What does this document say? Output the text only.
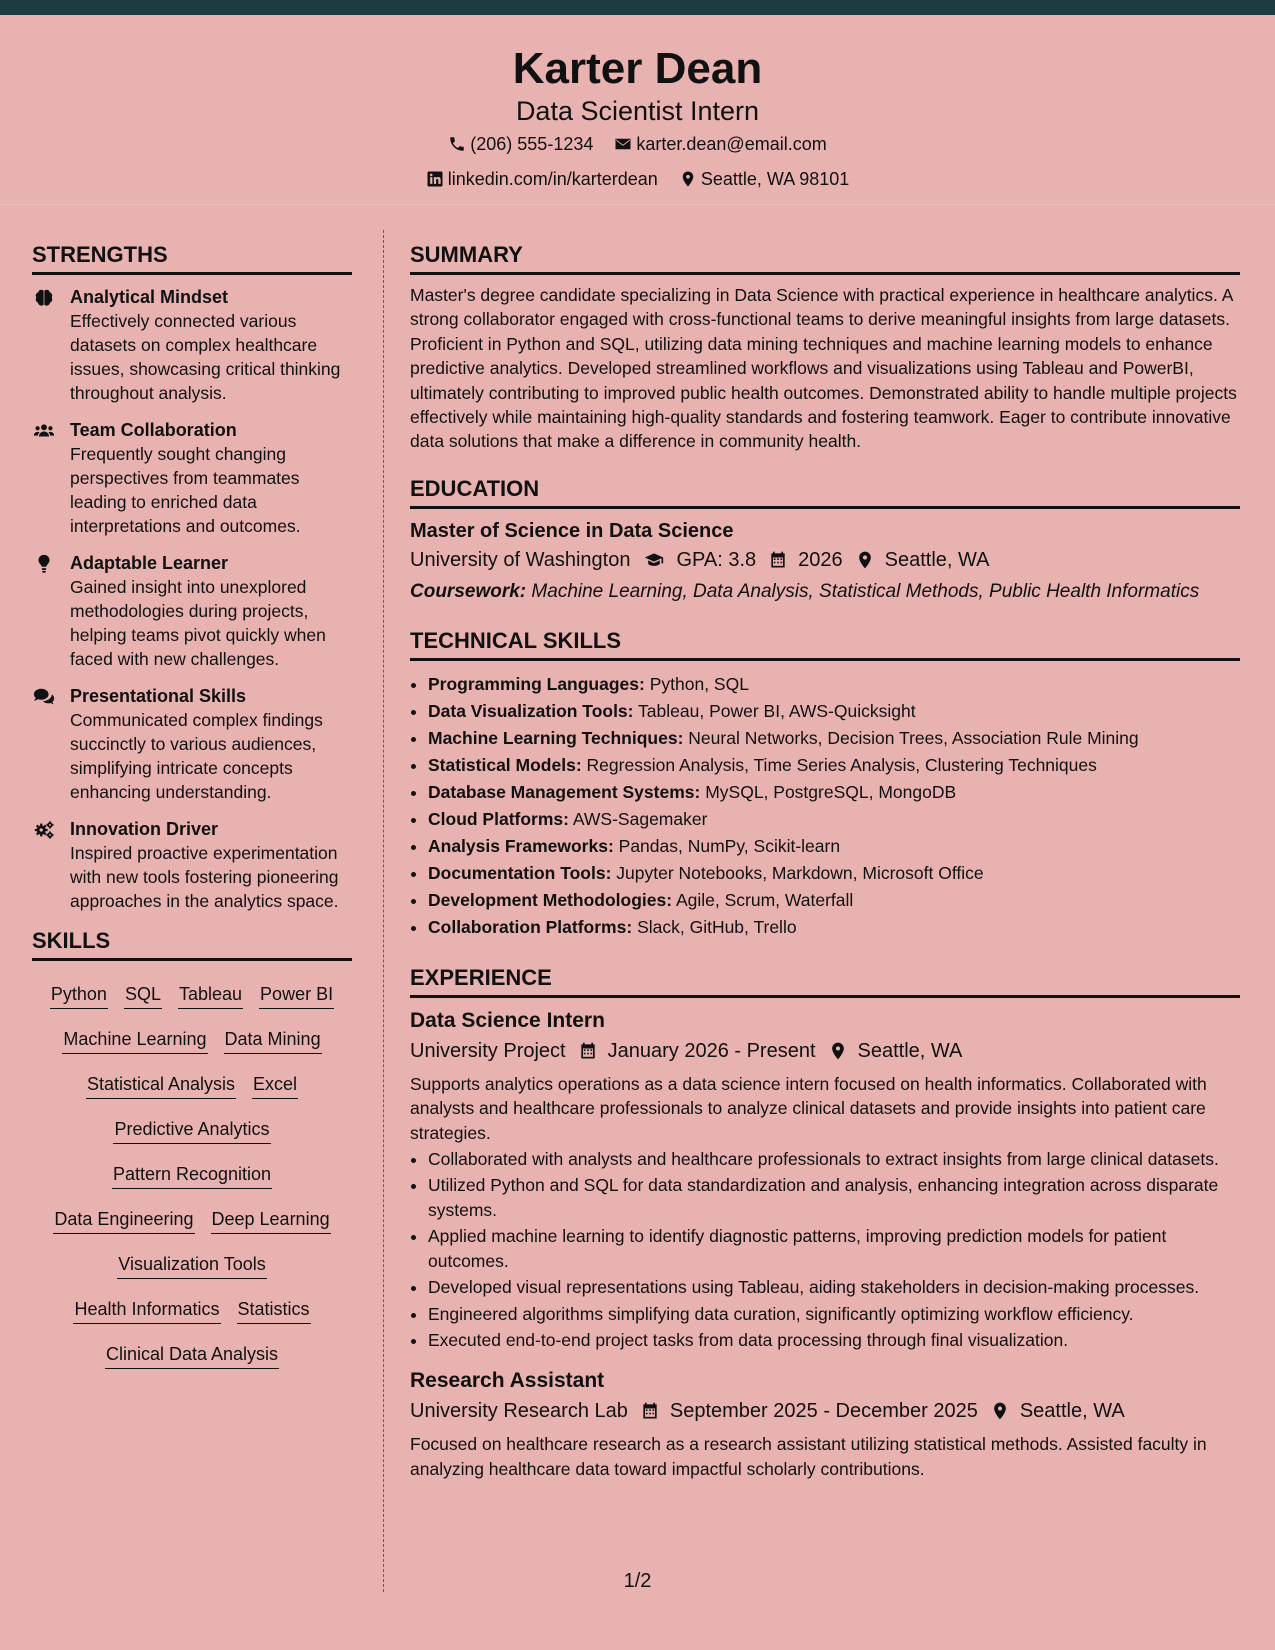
Karter Dean
Data Scientist Intern
(206) 555-1234
karter.dean@email.com
linkedin.com/in/karterdean
Seattle, WA 98101
STRENGTHS
Analytical Mindset
Effectively connected various datasets on complex healthcare issues, showcasing critical thinking throughout analysis.
Team Collaboration
Frequently sought changing perspectives from teammates leading to enriched data interpretations and outcomes.
Adaptable Learner
Gained insight into unexplored methodologies during projects, helping teams pivot quickly when faced with new challenges.
Presentational Skills
Communicated complex findings succinctly to various audiences, simplifying intricate concepts enhancing understanding.
Innovation Driver
Inspired proactive experimentation with new tools fostering pioneering approaches in the analytics space.
SKILLS
Python SQL Tableau Power BI
Machine Learning Data Mining
Statistical Analysis Excel
Predictive Analytics
Pattern Recognition
Data Engineering Deep Learning
Visualization Tools
Health Informatics Statistics
Clinical Data Analysis
SUMMARY

Master's degree candidate specializing in Data Science with practical experience in healthcare analytics. A strong collaborator engaged with cross-functional teams to derive meaningful insights from large datasets. Proficient in Python and SQL, utilizing data mining techniques and machine learning models to enhance predictive analytics. Developed streamlined workflows and visualizations using Tableau and PowerBI, ultimately contributing to improved public health outcomes. Demonstrated ability to handle multiple projects effectively while maintaining high-quality standards and fostering teamwork. Eager to contribute innovative data solutions that make a difference in community health.

EDUCATION
Master of Science in Data Science
University of Washington GPA: 3.8 2026 Seattle, WA
Coursework: Machine Learning, Data Analysis, Statistical Methods, Public Health Informatics
TECHNICAL SKILLS
• Programming Languages: Python, SQL
• Data Visualization Tools: Tableau, Power BI, AWS-Quicksight
• Machine Learning Techniques: Neural Networks, Decision Trees, Association Rule Mining
• Statistical Models: Regression Analysis, Time Series Analysis, Clustering Techniques
• Database Management Systems: MySQL, PostgreSQL, MongoDB
• Cloud Platforms: AWS-Sagemaker
• Analysis Frameworks: Pandas, NumPy, Scikit-learn
• Documentation Tools: Jupyter Notebooks, Markdown, Microsoft Office
• Development Methodologies: Agile, Scrum, Waterfall
• Collaboration Platforms: Slack, GitHub, Trello
EXPERIENCE
Data Science Intern
University Project January 2026 - Present Seattle, WA

Supports analytics operations as a data science intern focused on health informatics. Collaborated with analysts and healthcare professionals to analyze clinical datasets and provide insights into patient care strategies.

• Collaborated with analysts and healthcare professionals to extract insights from large clinical datasets.
• Utilized Python and SQL for data standardization and analysis, enhancing integration across disparate systems.
• Applied machine learning to identify diagnostic patterns, improving prediction models for patient outcomes.
• Developed visual representations using Tableau, aiding stakeholders in decision-making processes.
• Engineered algorithms simplifying data curation, significantly optimizing workflow efficiency.
• Executed end-to-end project tasks from data processing through final visualization.
Research Assistant
University Research Lab September 2025 - December 2025 Seattle, WA

Focused on healthcare research as a research assistant utilizing statistical methods. Assisted faculty in analyzing healthcare data toward impactful scholarly contributions.

1/2
